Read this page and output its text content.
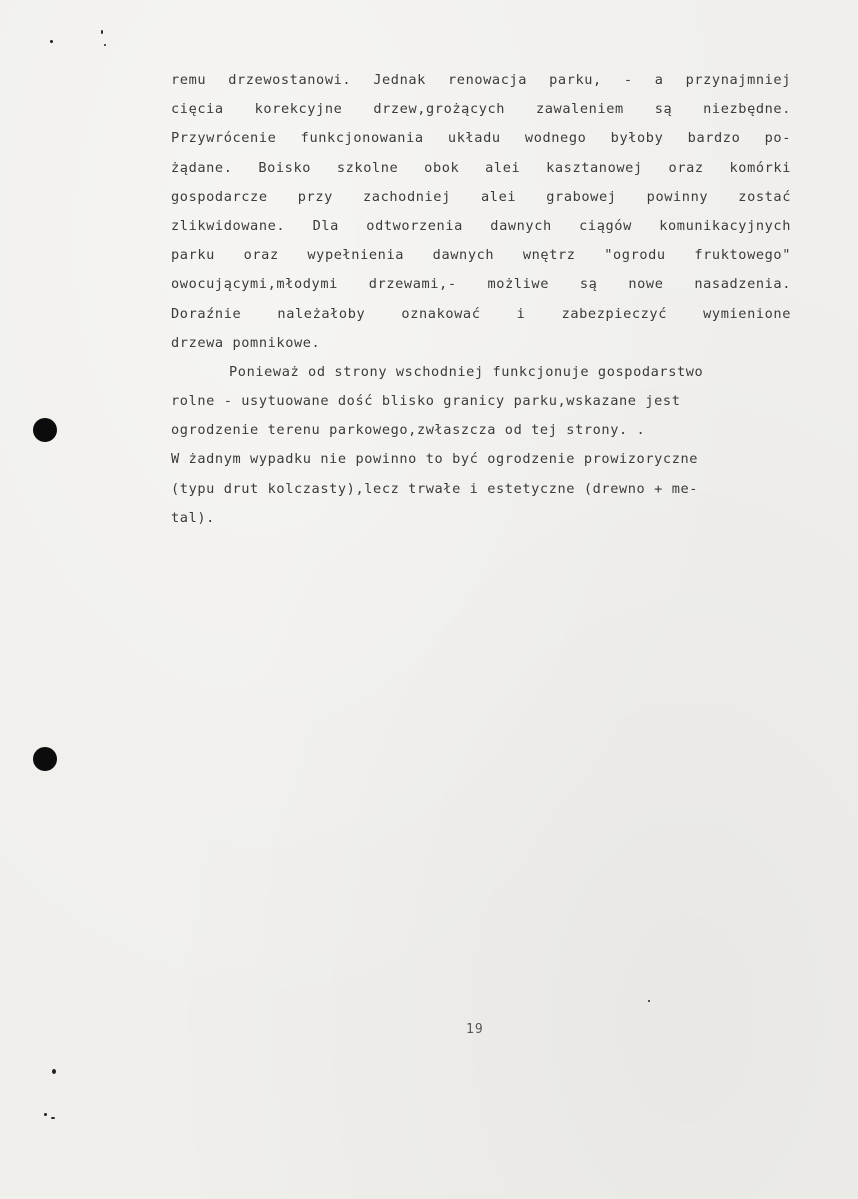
remu drzewostanowi. Jednak renowacja parku, - a przynajmniej
cięcia korekcyjne drzew,grożących zawaleniem są niezbędne.
Przywrócenie funkcjonowania układu wodnego byłoby bardzo po-
żądane. Boisko szkolne obok alei kasztanowej oraz komórki
gospodarcze przy zachodniej alei grabowej powinny zostać
zlikwidowane. Dla odtworzenia dawnych ciągów komunikacyjnych
parku oraz wypełnienia dawnych wnętrz "ogrodu fruktowego"
owocującymi,młodymi drzewami,- możliwe są nowe nasadzenia.
Doraźnie należałoby oznakować i zabezpieczyć wymienione
drzewa pomnikowe.
Ponieważ od strony wschodniej funkcjonuje gospodarstwo
rolne - usytuowane dość blisko granicy parku,wskazane jest
ogrodzenie terenu parkowego,zwłaszcza od tej strony. .
W żadnym wypadku nie powinno to być ogrodzenie prowizoryczne
(typu drut kolczasty),lecz trwałe i estetyczne (drewno + me-
tal).
19
